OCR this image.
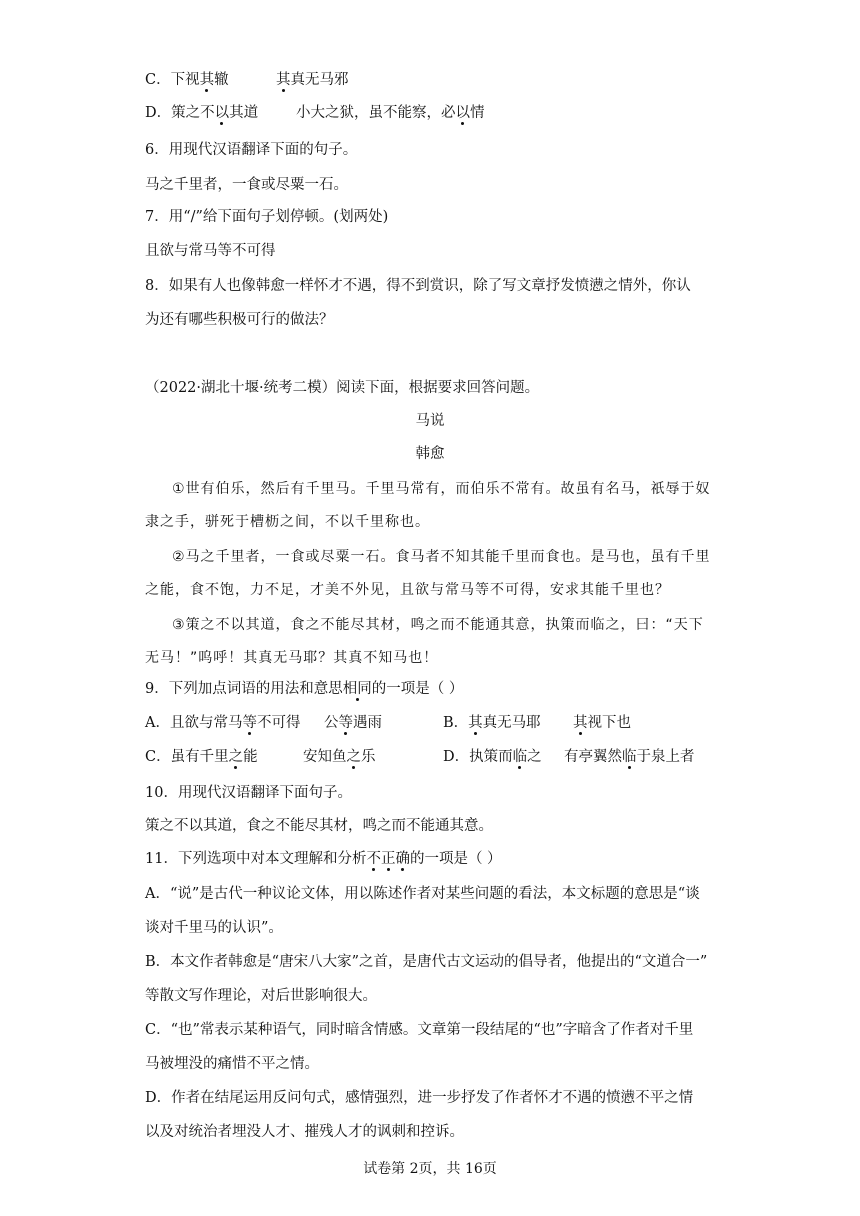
C．下视其辙	其真无马邪
D．策之不以其道	小大之狱，虽不能察，必以情
6．用现代汉语翻译下面的句子。
马之千里者，一食或尽粟一石。
7．用“/”给下面句子划停顿。(划两处)
且欲与常马等不可得
8．如果有人也像韩愈一样怀才不遇，得不到赏识，除了写文章抒发愤懑之情外，你认
为还有哪些积极可行的做法？
（2022·湖北十堰·统考二模）阅读下面，根据要求回答问题。
马说
韩愈
①世有伯乐，然后有千里马。千里马常有，而伯乐不常有。故虽有名马，祇辱于奴
隶之手，骈死于槽枥之间，不以千里称也。
②马之千里者，一食或尽粟一石。食马者不知其能千里而食也。是马也，虽有千里
之能，食不饱，力不足，才美不外见，且欲与常马等不可得，安求其能千里也？
③策之不以其道，食之不能尽其材，鸣之而不能通其意，执策而临之，曰：“天下
无马！”呜呼！其真无马耶？其真不知马也！
9．下列加点词语的用法和意思相同的一项是（ ）
A．且欲与常马等不可得 公等遇雨	B．其真无马耶 其视下也
C．虽有千里之能	安知鱼之乐	D．执策而临之 有亭翼然临于泉上者
10．用现代汉语翻译下面句子。
策之不以其道，食之不能尽其材，鸣之而不能通其意。
11．下列选项中对本文理解和分析不正确的一项是（ ）
A．“说”是古代一种议论文体，用以陈述作者对某些问题的看法，本文标题的意思是“谈
谈对千里马的认识”。
B．本文作者韩愈是“唐宋八大家”之首，是唐代古文运动的倡导者，他提出的“文道合一”
等散文写作理论，对后世影响很大。
C．“也”常表示某种语气，同时暗含情感。文章第一段结尾的“也”字暗含了作者对千里
马被埋没的痛惜不平之情。
D．作者在结尾运用反问句式，感情强烈，进一步抒发了作者怀才不遇的愤懑不平之情
以及对统治者埋没人才、摧残人才的讽刺和控诉。
试卷第 2页，共 16页
